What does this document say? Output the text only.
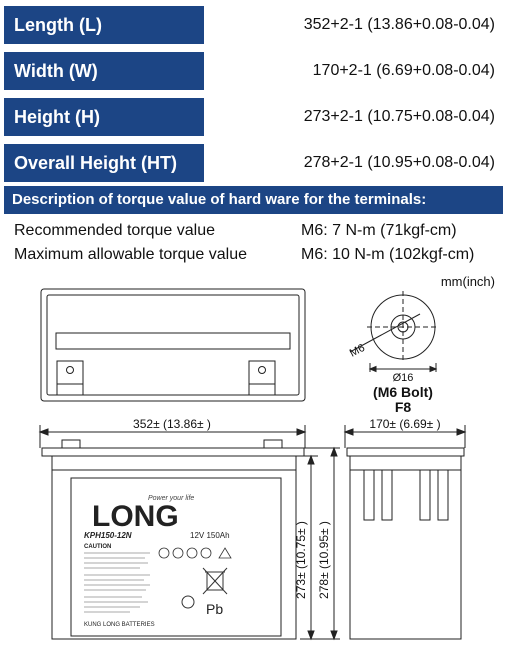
Length (L)	352+2-1 (13.86+0.08-0.04)
Width (W)	170+2-1 (6.69+0.08-0.04)
Height (H)	273+2-1 (10.75+0.08-0.04)
Overall Height (HT)	278+2-1 (10.95+0.08-0.04)
Description of torque value of hard ware for the terminals:
Recommended torque value	M6: 7 N-m (71kgf-cm)
Maximum allowable torque value	M6: 10 N-m (102kgf-cm)
mm(inch)
M6
Ø16
(M6 Bolt)
F8
352± (13.86± )	170± (6.69± )
273± (10.75± ) 278± (10.95± )
LONG
Power your life
KPH150-12N	12V 150Ah
CAUTION
Pb
KUNG LONG BATTERIES
